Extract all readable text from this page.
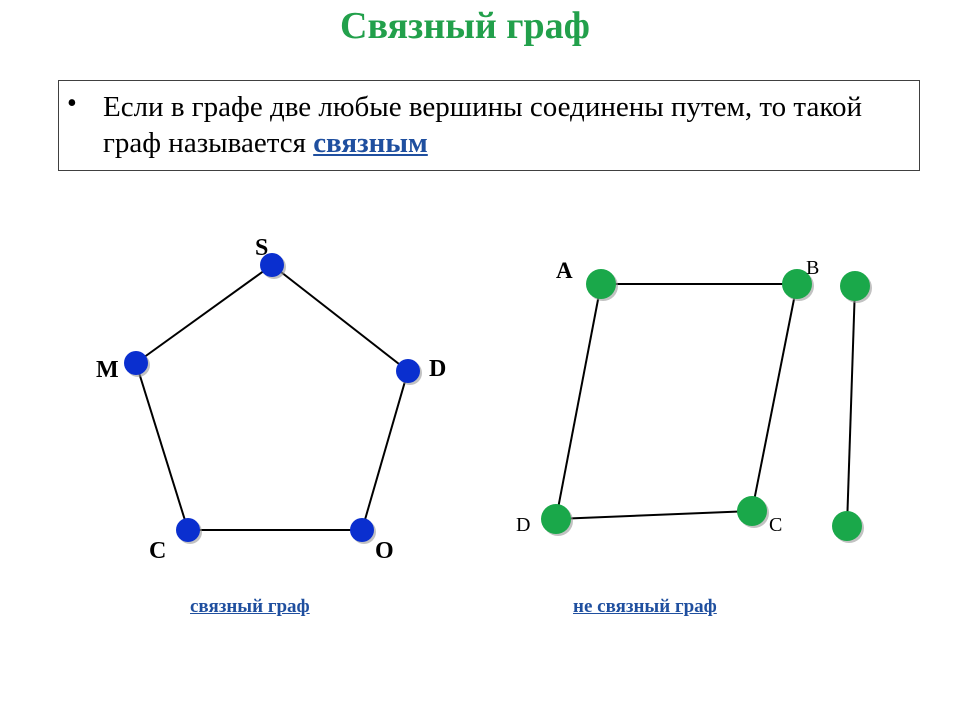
Связный граф
• Если в графе две любые вершины соединены путем, то такой граф называется связным
S
M	D
C	O
A	B
D	C
связный граф	не связный граф
